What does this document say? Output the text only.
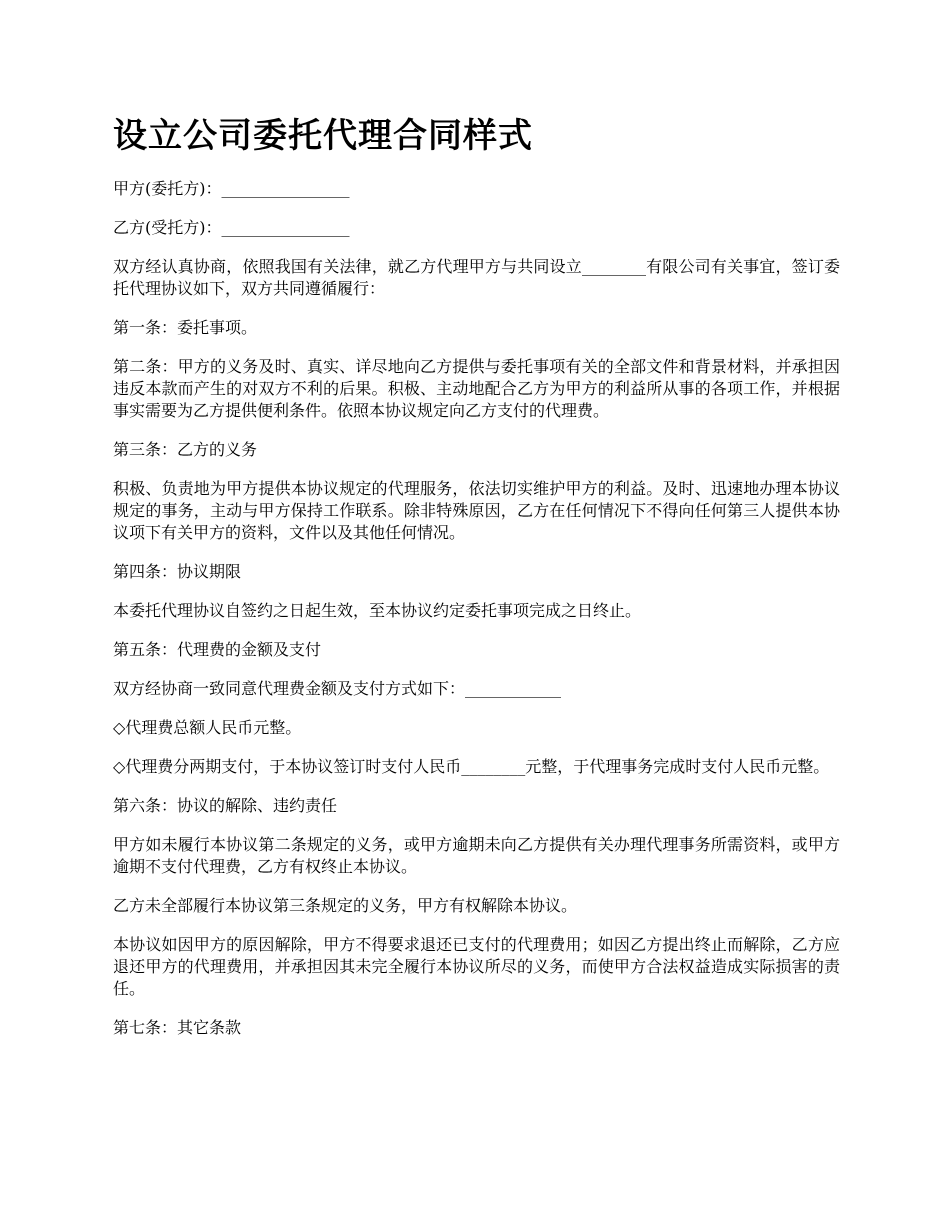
设立公司委托代理合同样式

甲方(委托方)：________________

乙方(受托方)：________________

双方经认真协商，依照我国有关法律，就乙方代理甲方与共同设立________有限公司有关事宜，签订委托代理协议如下，双方共同遵循履行：

第一条：委托事项。

第二条：甲方的义务及时、真实、详尽地向乙方提供与委托事项有关的全部文件和背景材料，并承担因违反本款而产生的对双方不利的后果。积极、主动地配合乙方为甲方的利益所从事的各项工作，并根据事实需要为乙方提供便利条件。依照本协议规定向乙方支付的代理费。

第三条：乙方的义务

积极、负责地为甲方提供本协议规定的代理服务，依法切实维护甲方的利益。及时、迅速地办理本协议规定的事务，主动与甲方保持工作联系。除非特殊原因，乙方在任何情况下不得向任何第三人提供本协议项下有关甲方的资料，文件以及其他任何情况。

第四条：协议期限

本委托代理协议自签约之日起生效，至本协议约定委托事项完成之日终止。

第五条：代理费的金额及支付

双方经协商一致同意代理费金额及支付方式如下：____________

◇代理费总额人民币元整。

◇代理费分两期支付，于本协议签订时支付人民币________元整，于代理事务完成时支付人民币元整。

第六条：协议的解除、违约责任

甲方如未履行本协议第二条规定的义务，或甲方逾期未向乙方提供有关办理代理事务所需资料，或甲方逾期不支付代理费，乙方有权终止本协议。

乙方未全部履行本协议第三条规定的义务，甲方有权解除本协议。

本协议如因甲方的原因解除，甲方不得要求退还已支付的代理费用；如因乙方提出终止而解除，乙方应退还甲方的代理费用，并承担因其未完全履行本协议所尽的义务，而使甲方合法权益造成实际损害的责任。

第七条：其它条款
